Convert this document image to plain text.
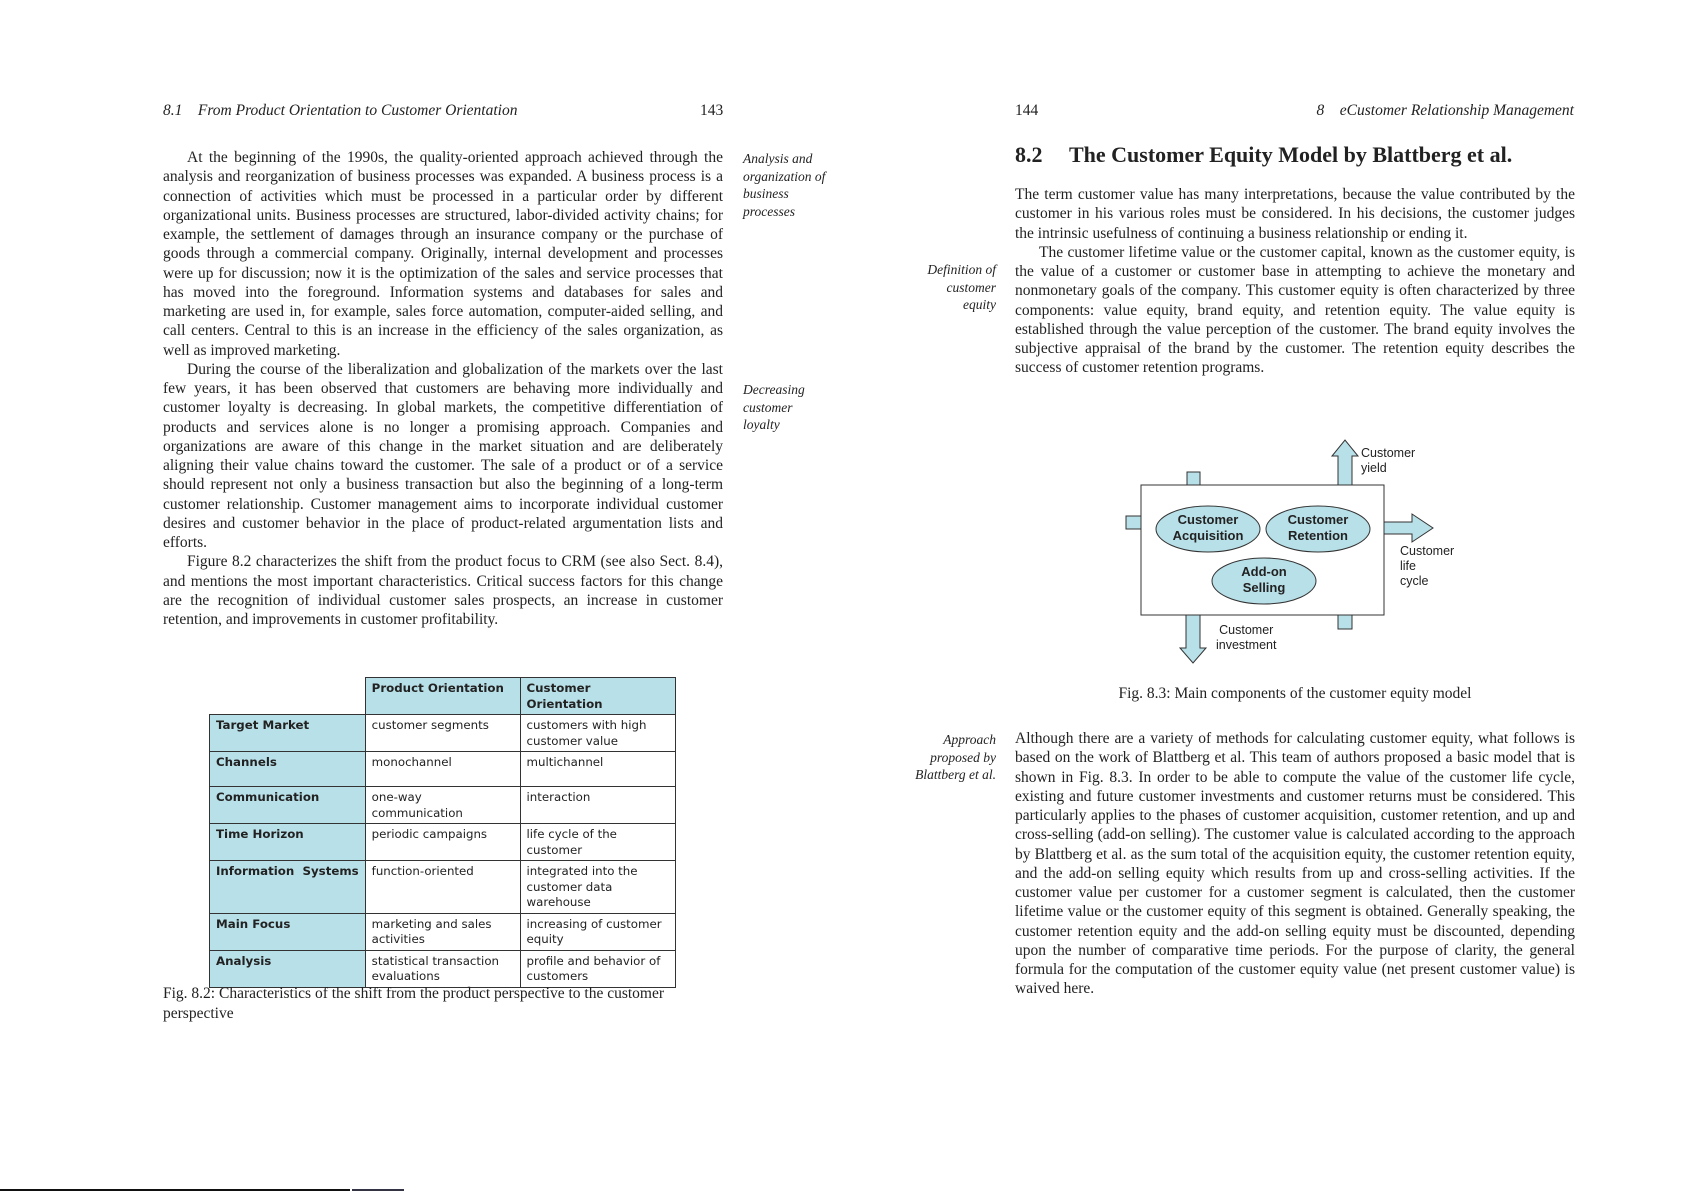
8.1 From Product Orientation to Customer Orientation	143

At the beginning of the 1990s, the quality-oriented approach achieved through the analysis and reorganization of business processes was expanded. A business process is a connection of activities which must be processed in a particular order by different organizational units. Business processes are structured, labor-divided activity chains; for example, the settlement of damages through an insurance company or the purchase of goods through a commercial company. Originally, internal development and processes were up for discussion; now it is the optimization of the sales and service processes that has moved into the foreground. Information systems and databases for sales and marketing are used in, for example, sales force automation, computer-aided selling, and call centers. Central to this is an increase in the efficiency of the sales organization, as well as improved marketing.

During the course of the liberalization and globalization of the markets over the last few years, it has been observed that customers are behaving more individually and customer loyalty is decreasing. In global markets, the competitive differentiation of products and services alone is no longer a promising approach. Companies and organizations are aware of this change in the market situation and are deliberately aligning their value chains toward the customer. The sale of a product or of a service should represent not only a business transaction but also the beginning of a long-term customer relationship. Customer management aims to incorporate individual customer desires and customer behavior in the place of product-related argumentation lists and efforts.

Figure 8.2 characterizes the shift from the product focus to CRM (see also Sect. 8.4), and mentions the most important characteristics. Critical success factors for this change are the recognition of individual customer sales prospects, an increase in customer retention, and improvements in customer profitability.

Analysis and
organization of
business
processes
Decreasing
customer
loyalty
	Product Orientation	Customer Orientation
Target Market	customer segments	customers with high customer value
Channels	monochannel	multichannel
Communication	one-way communication	interaction
Time Horizon	periodic campaigns	life cycle of the customer
Information  Systems	function-oriented	integrated into the customer data warehouse
Main Focus	marketing and sales activities	increasing of customer equity
Analysis	statistical transaction evaluations	profile and behavior of customers
Fig. 8.2: Characteristics of the shift from the product perspective to the customer perspective
144	8 eCustomer Relationship Management
8.2 The Customer Equity Model by Blattberg et al.

The term customer value has many interpretations, because the value contributed by the customer in his various roles must be considered. In his decisions, the customer judges the intrinsic usefulness of continuing a business relationship or ending it.

The customer lifetime value or the customer capital, known as the customer equity, is the value of a customer or customer base in attempting to achieve the monetary and nonmonetary goals of the company. This customer equity is often characterized by three components: value equity, brand equity, and retention equity. The value equity is established through the value perception of the customer. The brand equity involves the subjective appraisal of the brand by the customer. The retention equity describes the success of customer retention programs.

Definition of
customer
equity
Customer
Acquisition
Customer
Retention
Add-on
Selling
Customer
yield
Customer
life
cycle
Customer
investment
Fig. 8.3: Main components of the customer equity model

Although there are a variety of methods for calculating customer equity, what follows is based on the work of Blattberg et al. This team of authors proposed a basic model that is shown in Fig. 8.3. In order to be able to compute the value of the customer life cycle, existing and future customer investments and customer returns must be considered. This particularly applies to the phases of customer acquisition, customer retention, and up and cross-selling (add-on selling). The customer value is calculated according to the approach by Blattberg et al. as the sum total of the acquisition equity, the customer retention equity, and the add-on selling equity which results from up and cross-selling activities. If the customer value per customer for a customer segment is calculated, then the customer lifetime value or the customer equity of this segment is obtained. Generally speaking, the customer retention equity and the add-on selling equity must be discounted, depending upon the number of comparative time periods. For the purpose of clarity, the general formula for the computation of the customer equity value (net present customer value) is waived here.

Approach
proposed by
Blattberg et al.
